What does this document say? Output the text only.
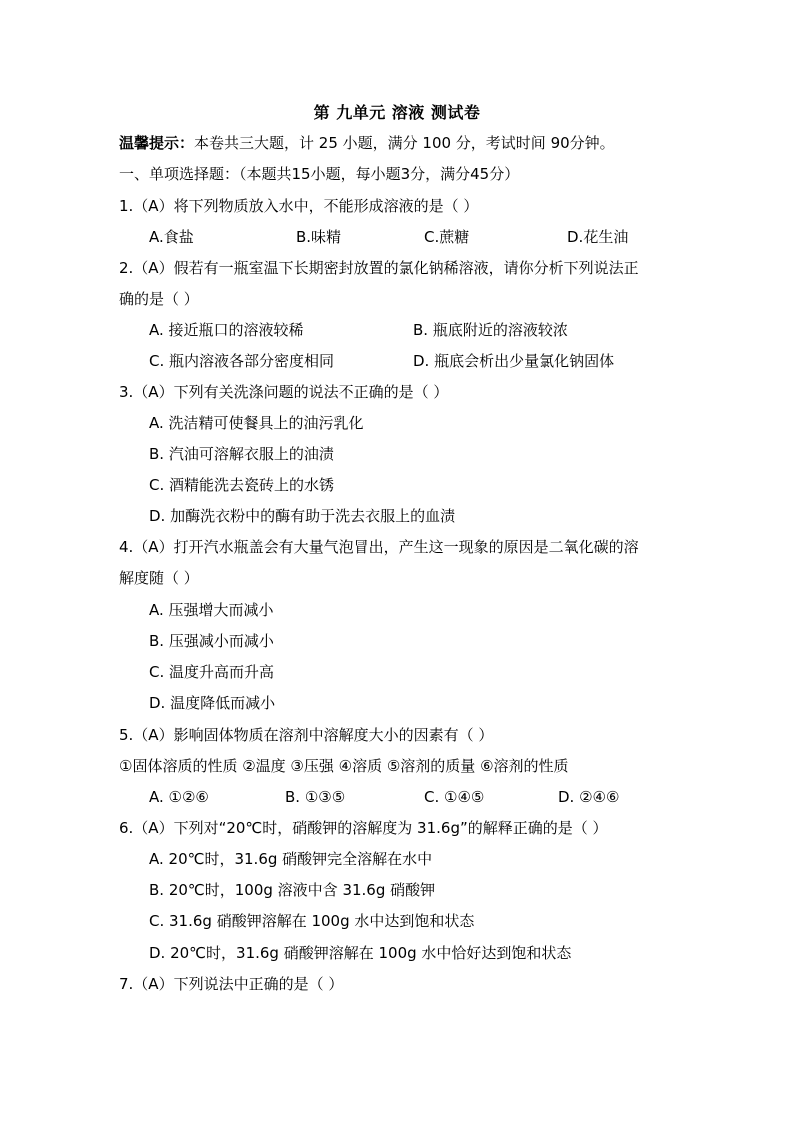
第 九单元 溶液 测试卷
温馨提示：本卷共三大题，计 25 小题，满分 100 分，考试时间 90分钟。
一、单项选择题：（本题共15小题，每小题3分，满分45分）
1.（A）将下列物质放入水中，不能形成溶液的是（ ）
A.食盐	B.味精	C.蔗糖	D.花生油
2.（A）假若有一瓶室温下长期密封放置的氯化钠稀溶液，请你分析下列说法正
确的是（ ）
A. 接近瓶口的溶液较稀	B. 瓶底附近的溶液较浓
C. 瓶内溶液各部分密度相同	D. 瓶底会析出少量氯化钠固体
3.（A）下列有关洗涤问题的说法不正确的是（ ）
A. 洗洁精可使餐具上的油污乳化
B. 汽油可溶解衣服上的油渍
C. 酒精能洗去瓷砖上的水锈
D. 加酶洗衣粉中的酶有助于洗去衣服上的血渍
4.（A）打开汽水瓶盖会有大量气泡冒出，产生这一现象的原因是二氧化碳的溶
解度随（ ）
A. 压强增大而减小
B. 压强减小而减小
C. 温度升高而升高
D. 温度降低而减小
5.（A）影响固体物质在溶剂中溶解度大小的因素有（ ）
①固体溶质的性质 ②温度 ③压强 ④溶质 ⑤溶剂的质量 ⑥溶剂的性质
A. ①②⑥	B. ①③⑤	C. ①④⑤	D. ②④⑥
6.（A）下列对“20℃时，硝酸钾的溶解度为 31.6g”的解释正确的是（ ）
A. 20℃时，31.6g 硝酸钾完全溶解在水中
B. 20℃时，100g 溶液中含 31.6g 硝酸钾
C. 31.6g 硝酸钾溶解在 100g 水中达到饱和状态
D. 20℃时，31.6g 硝酸钾溶解在 100g 水中恰好达到饱和状态
7.（A）下列说法中正确的是（ ）
